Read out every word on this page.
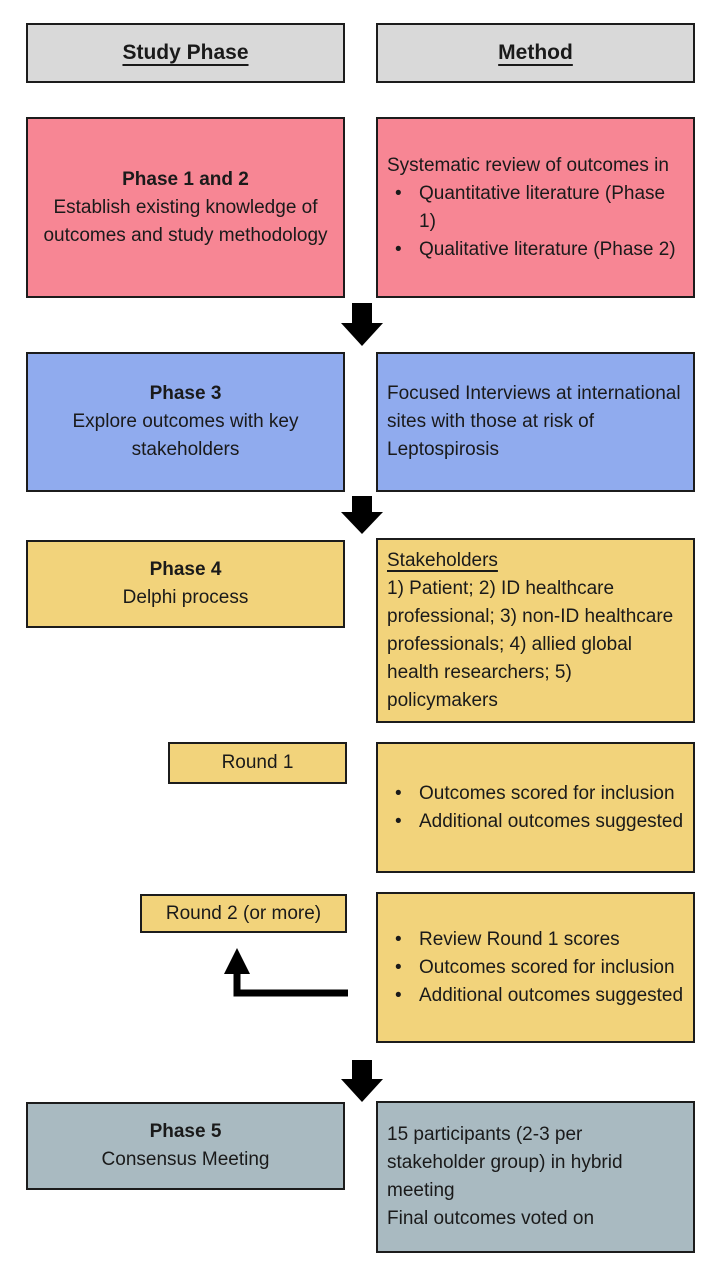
Study Phase	Method
Phase 1 and 2
Establish existing knowledge of outcomes and study methodology
Systematic review of outcomes in
• Quantitative literature (Phase 1)
• Qualitative literature (Phase 2)
Phase 3
Explore outcomes with key stakeholders
Focused Interviews at international sites with those at risk of Leptospirosis
Phase 4
Delphi process
Stakeholders
1) Patient; 2) ID healthcare professional; 3) non-ID healthcare professionals; 4) allied global health researchers; 5) policymakers
Round 1
• Outcomes scored for inclusion
• Additional outcomes suggested
Round 2 (or more)
• Review Round 1 scores
• Outcomes scored for inclusion
• Additional outcomes suggested
Phase 5
Consensus Meeting
15 participants (2-3 per stakeholder group) in hybrid meeting
Final outcomes voted on
